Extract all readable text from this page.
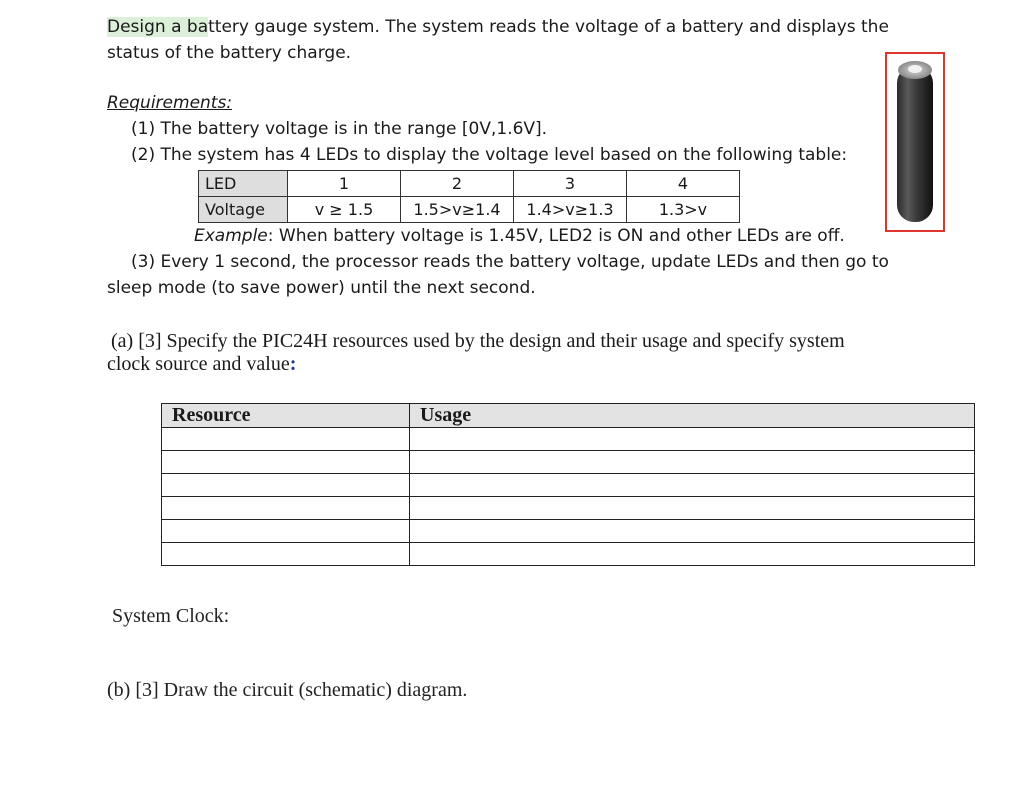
Design a battery gauge system. The system reads the voltage of a battery and displays the
status of the battery charge.
Requirements:
(1) The battery voltage is in the range [0V,1.6V].
(2) The system has 4 LEDs to display the voltage level based on the following table:
LED	1	2	3	4
Voltage	v ≥ 1.5	1.5>v≥1.4	1.4>v≥1.3	1.3>v
Example: When battery voltage is 1.45V, LED2 is ON and other LEDs are off.
(3) Every 1 second, the processor reads the battery voltage, update LEDs and then go to
sleep mode (to save power) until the next second.
(a) [3] Specify the PIC24H resources used by the design and their usage and specify system
clock source and value:
Resource	Usage

System Clock:
(b) [3] Draw the circuit (schematic) diagram.
